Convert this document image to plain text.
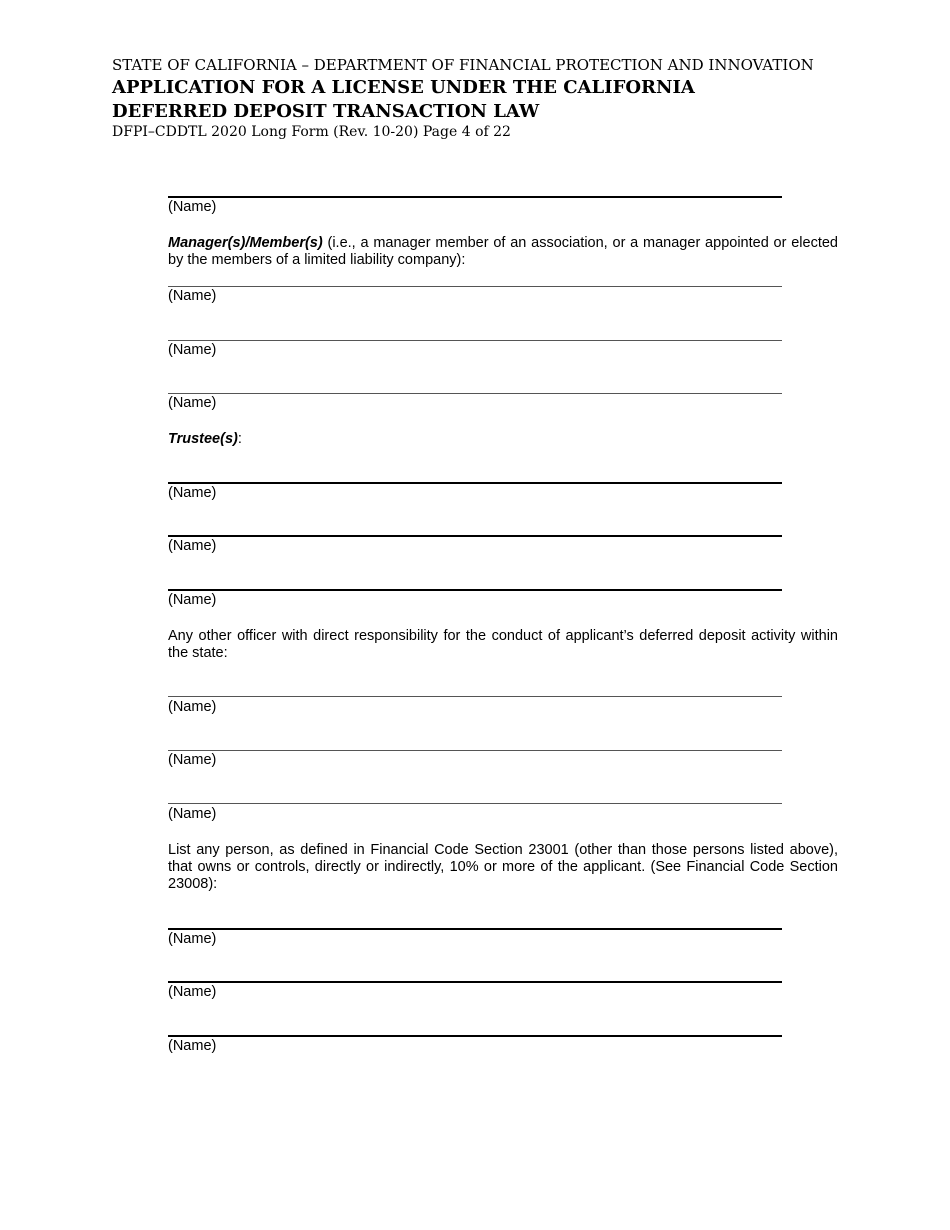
STATE OF CALIFORNIA – DEPARTMENT OF FINANCIAL PROTECTION AND INNOVATION
APPLICATION FOR A LICENSE UNDER THE CALIFORNIA
DEFERRED DEPOSIT TRANSACTION LAW
DFPI–CDDTL 2020 Long Form (Rev. 10-20) Page 4 of 22
(Name)
Manager(s)/Member(s) (i.e., a manager member of an association, or a manager appointed or elected by the members of a limited liability company):
(Name)
(Name)
(Name)
Trustee(s):
(Name)
(Name)
(Name)
Any other officer with direct responsibility for the conduct of applicant’s deferred deposit activity within the state:
(Name)
(Name)
(Name)
List any person, as defined in Financial Code Section 23001 (other than those persons listed above), that owns or controls, directly or indirectly, 10% or more of the applicant. (See Financial Code Section 23008):
(Name)
(Name)
(Name)
